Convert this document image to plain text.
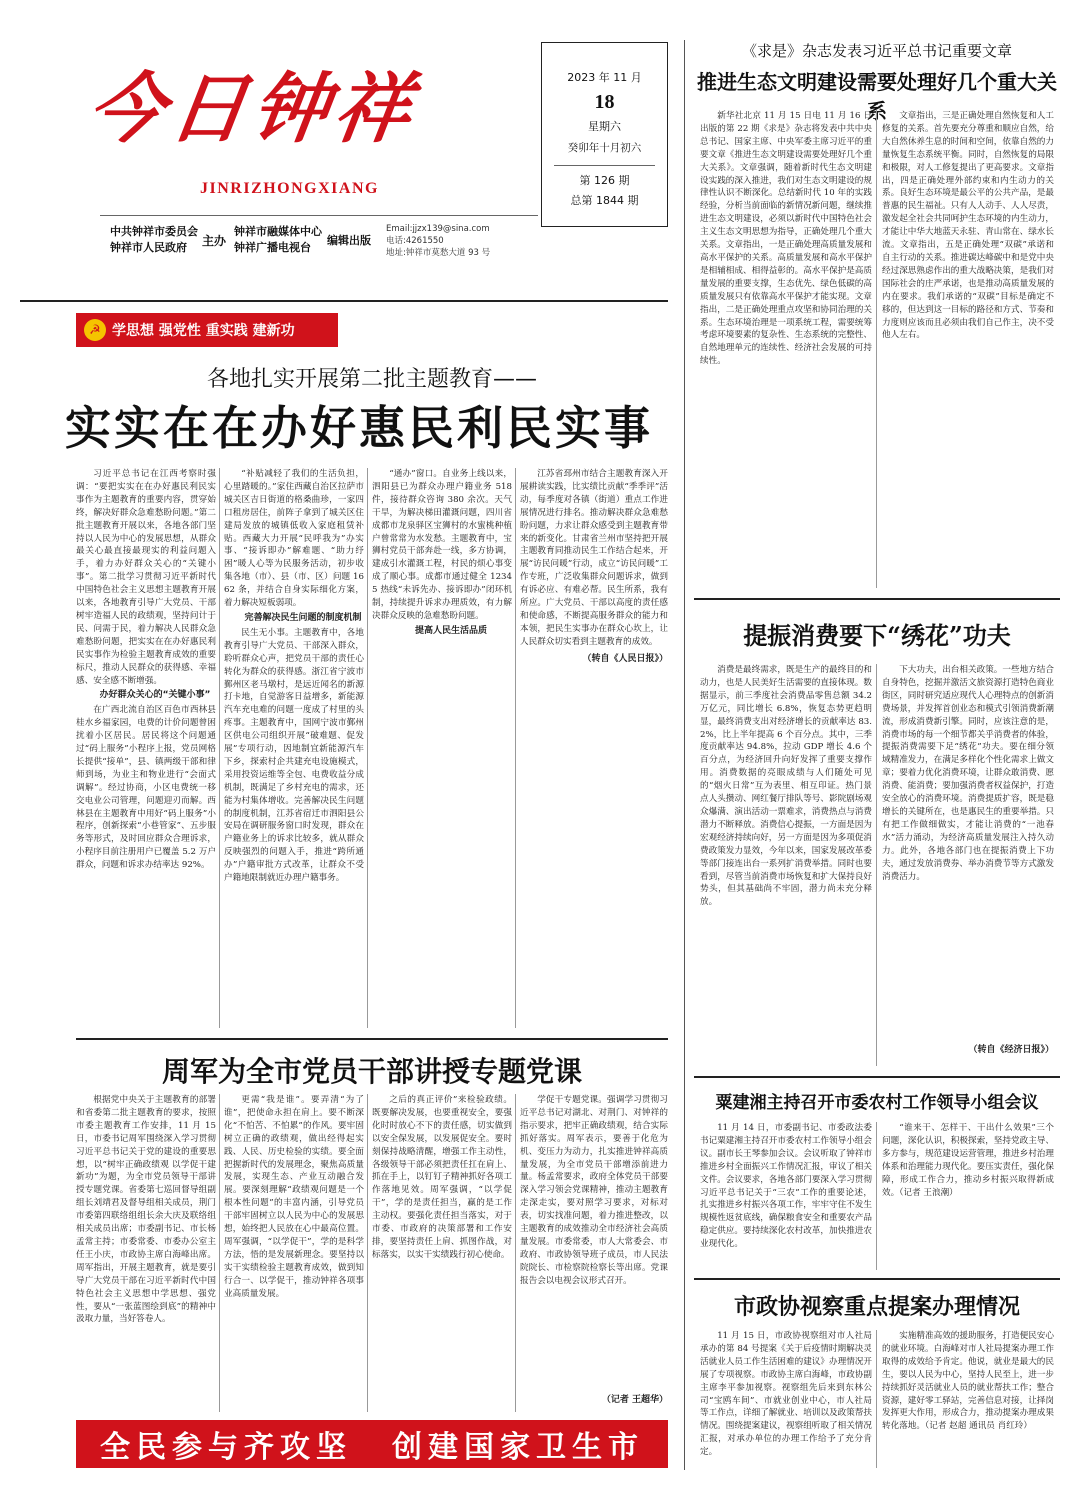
今日钟祥
JINRIZHONGXIANG
中共钟祥市委员会
钟祥市人民政府	主办
钟祥市融媒体中心
钟祥广播电视台
编辑出版
Email:jjzx139@sina.com
电话:4261550
地址:钟祥市莫愁大道 93 号
2023 年 11 月
18
星期六
癸卯年十月初六
第 126 期
总第 1844 期
☭ 学思想 强党性 重实践 建新功
各地扎实开展第二批主题教育——
实实在在办好惠民利民实事

习近平总书记在江西考察时强调：“要把实实在在办好惠民利民实事作为主题教育的重要内容，贯穿始终，解决好群众急难愁盼问题。”第二批主题教育开展以来，各地各部门坚持以人民为中心的发展思想，从群众最关心最直接最现实的利益问题入手，着力办好群众关心的“关键小事”。第二批学习贯彻习近平新时代中国特色社会主义思想主题教育开展以来，各地教育引导广大党员、干部树牢造福人民的政绩观，坚持问计于民、问需于民，着力解决人民群众急难愁盼问题，把实实在在办好惠民利民实事作为检验主题教育成效的重要标尺，推动人民群众的获得感、幸福感、安全感不断增强。

办好群众关心的“关键小事”

在广西北流自治区百色市西林县桂水乡福家园，电费的计价问题曾困扰着小区居民。居民将这个问题通过“码上服务”小程序上报，党员网格长提供“接单”，县、镇两级干部和律师到场，为业主和物业进行“会面式调解”。经过协商，小区电费统一移交电业公司管理，问题迎刃而解。西林县在主题教育中用好“码上服务”小程序，创新探索“小巷管家”、五步服务等形式，及时回应群众合理诉求，小程序目前注册用户已覆盖 5.2 万户群众，问题和诉求办结率达 92%。

“补贴减轻了我们的生活负担，心里踏暖的。”家住西藏自治区拉萨市城关区吉日街道的格桑曲珍，一家四口租房居住，前阵子拿到了城关区住建局发放的城镇低收入家庭租赁补贴。西藏大力开展“民呼我为”办实事、“接诉即办”解难题、“助力纾困”暖人心等为民服务活动，初步收集各地（市）、县（市、区）问题 1662 条，并结合自身实际细化方案，着力解决短板弱项。

完善解决民生问题的制度机制

民生无小事。主题教育中，各地教育引导广大党员、干部深入群众，聆听群众心声，把党员干部的责任心转化为群众的获得感。浙江省宁波市鄞州区老马墩村，是远近闻名的新源打卡地，自觉游客日益增多，新能源汽车充电难的问题一度成了村里的头疼事。主题教育中，国网宁波市鄞州区供电公司组织开展“破难题、促发展”专项行动，因地制宜新能源汽车下乡，探索村企共建充电设施模式，采用投资运维等全包、电费收益分成机制，既满足了乡村充电的需求，还能为村集体增收。完善解决民生问题的制度机制，江苏省宿迁市泗阳县公安局在调研服务窗口时发现，群众在户籍业务上的诉求比较多，就从群众反映强烈的问题入手，推进“跨所通办”户籍审批方式改革，让群众不受户籍地限制就近办理户籍事务。

“通办”窗口。自业务上线以来，泗阳县已为群众办理户籍业务 518 件，接待群众咨询 380 余次。天气干旱，为解决梯田灌溉问题，四川省成都市龙泉驿区宝狮村的水蜜桃种植户曾常常为水发愁。主题教育中，宝狮村党员干部奔赴一线，多方协调，建成引水灌溉工程，村民的烦心事变成了顺心事。成都市通过健全 12345 热线“未诉先办、接诉即办”闭环机制，持续提升诉求办理质效，有力解决群众反映的急难愁盼问题。

提高人民生活品质

江苏省邳州市结合主题教育深入开展耕读实践，比实绩比贡献“季季评”活动，每季度对各镇（街道）重点工作进展情况进行排名。推动解决群众急难愁盼问题，力求让群众感受到主题教育带来的新变化。甘肃省兰州市坚持把开展主题教育同推动民生工作结合起来，开展“访民问暖”行动，成立“访民问暖”工作专班，广泛收集群众问题诉求，做到有诉必应、有难必帮。民生所系，我有所应。广大党员、干部以高度的责任感和使命感，不断提高服务群众的能力和本领，把民生实事办在群众心坎上，让人民群众切实看到主题教育的成效。

（转自《人民日报》）

周军为全市党员干部讲授专题党课

根据党中央关于主题教育的部署和省委第二批主题教育的要求，按照市委主题教育工作安排，11 月 15 日，市委书记周军围绕深入学习贯彻习近平总书记关于党的建设的重要思想，以“树牢正确政绩观 以学促干建新功”为题，为全市党员领导干部讲授专题党课。省委第七巡回督导组副组长刘靖君及督导组相关成员，荆门市委第四联络组组长余大庆及联络组相关成员出席；市委副书记、市长杨孟常主持；市委常委、市委办公室主任王小庆，市政协主席白海峰出席。周军指出，开展主题教育，就是要引导广大党员干部在习近平新时代中国特色社会主义思想中学思想、强党性，要从“一张蓝图绘到底”的精神中汲取力量，当好答卷人。

更需“我是谁”。要弄清“为了谁”，把使命永担在肩上。要不断深化“不怕苦、不怕累”的作风。要牢固树立正确的政绩观，做出经得起实践、人民、历史检验的实绩。要全面把握新时代的发展理念，聚焦高质量发展，实现生态、产业互动融合发展。要深刻理解“政绩观问题是一个根本性问题”的丰富内涵，引导党员干部牢固树立以人民为中心的发展思想，始终把人民放在心中最高位置。周军强调，“以学促干”，学的是科学方法，悟的是发展新理念。要坚持以实干实绩检验主题教育成效，做到知行合一、以学促干，推动钟祥各项事业高质量发展。

之后的真正评价”来检验政绩。既要解决发展，也要重视安全，要强化时时放心不下的责任感，切实做到以安全保发展，以发展促安全。要时刻保持战略清醒，增强工作主动性，各级领导干部必须把责任扛在肩上、抓在手上，以钉钉子精神抓好各项工作落地见效。周军强调，“以学促干”，学的是责任担当，赢的是工作主动权。要强化责任担当落实，对于市委、市政府的决策部署和工作安排，要坚持责任上肩、抓图作战，对标落实，以实干实绩践行初心使命。

学促干专题党课。强调学习贯彻习近平总书记对湖北、对荆门、对钟祥的指示要求，把牢正确政绩观，结合实际抓好落实。周军表示，要善于化危为机、变压力为动力，扎实推进钟祥高质量发展，为全市党员干部增添前进力量。杨孟常要求，政府全体党员干部要深入学习领会党课精神，推动主题教育走深走实，要对照学习要求，对标对表，切实找准问题，着力推进整改，以主题教育的成效推动全市经济社会高质量发展。市委常委，市人大常委会、市政府、市政协领导班子成员，市人民法院院长、市检察院检察长等出席。党课报告会以电视会议形式召开。

（记者 王超华）

全民参与齐攻坚 创建国家卫生市
《求是》杂志发表习近平总书记重要文章
推进生态文明建设需要处理好几个重大关系

新华社北京 11 月 15 日电 11 月 16 日出版的第 22 期《求是》杂志将发表中共中央总书记、国家主席、中央军委主席习近平的重要文章《推进生态文明建设需要处理好几个重大关系》。文章强调，随着新时代生态文明建设实践的深入推进，我们对生态文明建设的规律性认识不断深化。总结新时代 10 年的实践经验，分析当前面临的新情况新问题，继续推进生态文明建设，必须以新时代中国特色社会主义生态文明思想为指导，正确处理几个重大关系。文章指出，一是正确处理高质量发展和高水平保护的关系。高质量发展和高水平保护是相辅相成、相得益彰的。高水平保护是高质量发展的重要支撑，生态优先、绿色低碳的高质量发展只有依靠高水平保护才能实现。文章指出，二是正确处理重点攻坚和协同治理的关系。生态环境治理是一项系统工程，需要统筹考虑环境要素的复杂性、生态系统的完整性、自然地理单元的连续性、经济社会发展的可持续性。

文章指出，三是正确处理自然恢复和人工修复的关系。首先要充分尊重和顺应自然，给大自然休养生息的时间和空间，依靠自然的力量恢复生态系统平衡。同时，自然恢复的局限和极限，对人工修复提出了更高要求。文章指出，四是正确处理外部约束和内生动力的关系。良好生态环境是最公平的公共产品，是最普惠的民生福祉。只有人人动手、人人尽责，激发起全社会共同呵护生态环境的内生动力，才能让中华大地蓝天永驻、青山常在、绿水长流。文章指出，五是正确处理“双碳”承诺和自主行动的关系。推进碳达峰碳中和是党中央经过深思熟虑作出的重大战略决策，是我们对国际社会的庄严承诺，也是推动高质量发展的内在要求。我们承诺的“双碳”目标是确定不移的，但达到这一目标的路径和方式、节奏和力度则应该而且必须由我们自己作主，决不受他人左右。

提振消费要下“绣花”功夫

消费是最终需求，既是生产的最终目的和动力，也是人民美好生活需要的直接体现。数据显示，前三季度社会消费品零售总额 34.2 万亿元，同比增长 6.8%，恢复态势更趋明显，最终消费支出对经济增长的贡献率达 83.2%，比上半年提高 6 个百分点。其中，三季度贡献率达 94.8%，拉动 GDP 增长 4.6 个百分点，为经济回升向好发挥了重要支撑作用。消费数据的亮眼成绩与人们随处可见的“烟火日常”互为表里、相互印证。热门景点人头攒动、网红餐厅排队等号、影院剧场观众爆满、演出活动一票难求，消费热点与消费潜力不断释放。消费信心提振，一方面是因为宏观经济持续向好，另一方面是因为多项促消费政策发力显效，今年以来，国家发展改革委等部门接连出台一系列扩消费举措。同时也要看到，尽管当前消费市场恢复和扩大保持良好势头，但其基础尚不牢固，潜力尚未充分释放。

下大功夫，出台相关政策。一些地方结合自身特色，挖掘并激活文旅资源打造特色商业街区，同时研究适应现代人心理特点的创新消费场景，并发挥首创业态和模式引领消费新潮流，形成消费新引擎。同时，应该注意的是，消费市场的每一个细节都关乎消费者的体验，提振消费需要下足“绣花”功夫。要在细分领域精准发力，在满足多样化个性化需求上做文章；要着力优化消费环境，让群众敢消费、愿消费、能消费；要加强消费者权益保护，打造安全放心的消费环境。消费提质扩容，既是稳增长的关键所在，也是惠民生的重要举措。只有把工作做细做实，才能让消费的“一池春水”活力涌动，为经济高质量发展注入持久动力。此外，各地各部门也在提振消费上下功夫，通过发放消费券、举办消费节等方式激发消费活力。

（转自《经济日报》）

粟建湘主持召开市委农村工作领导小组会议

11 月 14 日，市委副书记、市委政法委书记粟建湘主持召开市委农村工作领导小组会议。副市长王琴参加会议。会议听取了钟祥市推进乡村全面振兴工作情况汇报，审议了相关文件。会议要求，各地各部门要深入学习贯彻习近平总书记关于“三农”工作的重要论述，扎实推进乡村振兴各项工作，牢牢守住不发生规模性返贫底线，确保粮食安全和重要农产品稳定供应。要持续深化农村改革，加快推进农业现代化。

“谁来干、怎样干、干出什么效果”三个问题，深化认识，积极探索，坚持党政主导、多方参与，规范建设运营管理，推进乡村治理体系和治理能力现代化。要压实责任，强化保障，形成工作合力，推动乡村振兴取得新成效。（记者 王浪潮）

市政协视察重点提案办理情况

11 月 15 日，市政协视察组对市人社局承办的第 84 号提案《关于后疫情时期解决灵活就业人员工作生活困难的建议》办理情况开展了专项视察。市政协主席白海峰，市政协副主席李平参加视察。视察组先后来到东林公司“宝鸥车间”、市就业创业中心，市人社局等工作点，详细了解就业、培训以及政策帮扶情况。围绕提案建议，视察组听取了相关情况汇报，对承办单位的办理工作给予了充分肯定。

实施精准高效的援助服务，打造便民安心的就业环境。白海峰对市人社局提案办理工作取得的成效给予肯定。他说，就业是最大的民生，要以人民为中心，坚持人民至上，进一步持续抓好灵活就业人员的就业帮扶工作；整合资源，建好零工驿站，完善信息对接，让择岗发挥更大作用，形成合力，推动提案办理成果转化落地。（记者 赵超 通讯员 肖红玲）
